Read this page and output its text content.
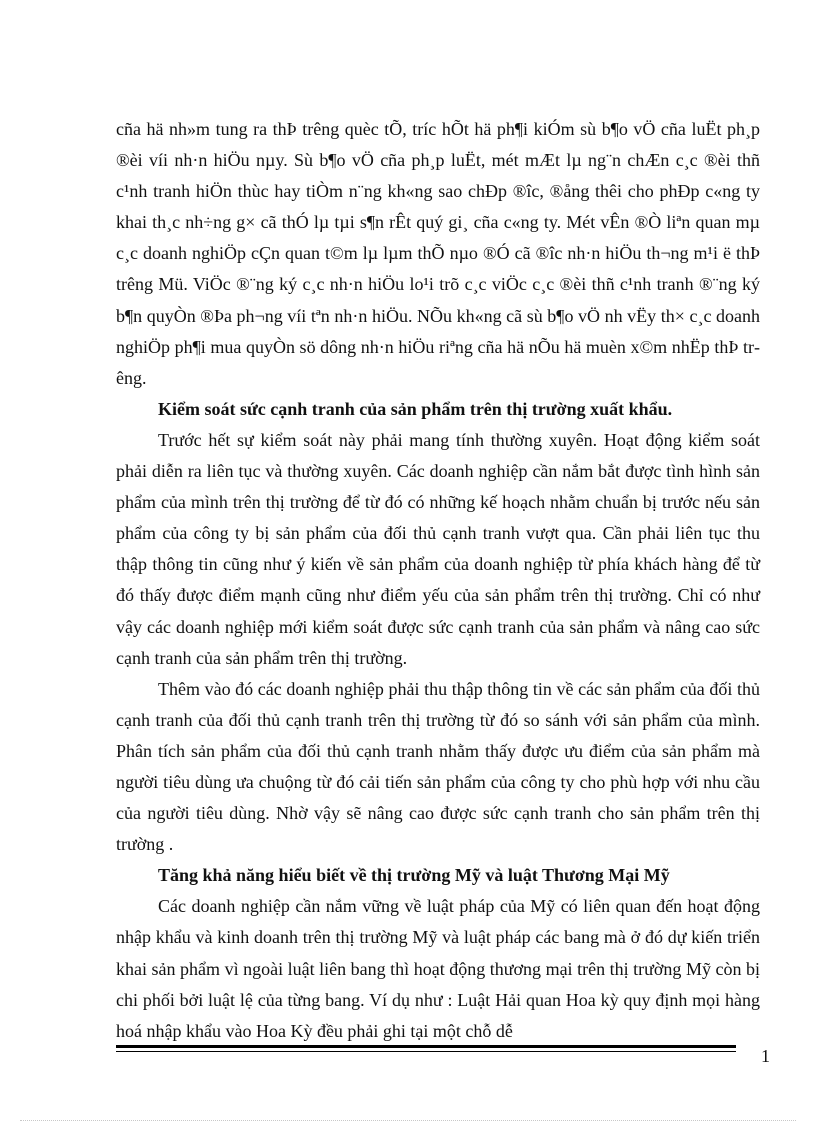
cña hä nh»m tung ra thÞ trêng quèc tÕ, tríc hÕt hä ph¶i kiÓm sù b¶o vÖ cña luËt ph¸p ®èi víi nh·n hiÖu nµy. Sù b¶o vÖ cña ph¸p luËt, mét mÆt lµ ng¨n chÆn c¸c ®èi thñ c¹nh tranh hiÖn thùc hay tiÒm n¨ng kh«ng sao chÐp ®îc, ®ång thêi cho phÐp c«ng ty khai th¸c nh÷ng g× cã thÓ lµ tµi s¶n rÊt quý gi¸ cña c«ng ty. Mét vÊn ®Ò liªn quan mµ c¸c doanh nghiÖp cÇn quan t©m lµ lµm thÕ nµo ®Ó cã ®îc nh·n hiÖu th¬ng m¹i ë thÞ trêng Mü. ViÖc ®¨ng ký c¸c nh·n hiÖu lo¹i trõ c¸c viÖc c¸c ®èi thñ c¹nh tranh ®¨ng ký b¶n quyÒn ®Þa ph¬ng víi tªn nh·n hiÖu. NÕu kh«ng cã sù b¶o vÖ nh vËy th× c¸c doanh nghiÖp ph¶i mua quyÒn sö dông nh·n hiÖu riªng cña hä nÕu hä muèn x©m nhËp thÞ trêng.

Kiểm soát sức cạnh tranh của sản phẩm trên thị trường xuất khẩu.

Trước hết sự kiểm soát này phải mang tính thường xuyên. Hoạt động kiểm soát phải diễn ra liên tục và thường xuyên. Các doanh nghiệp cần nắm bắt được tình hình sản phẩm của mình trên thị trường để từ đó có những kế hoạch nhằm chuẩn bị trước nếu sản phẩm của công ty bị sản phẩm của đối thủ cạnh tranh vượt qua. Cần phải liên tục thu thập thông tin cũng như ý kiến về sản phẩm của doanh nghiệp từ phía khách hàng để từ đó thấy được điểm mạnh cũng như điểm yếu của sản phẩm trên thị trường. Chỉ có như vậy các doanh nghiệp mới kiểm soát được sức cạnh tranh của sản phẩm và nâng cao sức cạnh tranh của sản phẩm trên thị trường.

Thêm vào đó các doanh nghiệp phải thu thập thông tin về các sản phẩm của đối thủ cạnh tranh của đối thủ cạnh tranh trên thị trường từ đó so sánh với sản phẩm của mình. Phân tích sản phẩm của đối thủ cạnh tranh nhằm thấy được ưu điểm của sản phẩm mà người tiêu dùng ưa chuộng từ đó cải tiến sản phẩm của công ty cho phù hợp với nhu cầu của người tiêu dùng. Nhờ vậy sẽ nâng cao được sức cạnh tranh cho sản phẩm trên thị trường .

Tăng khả năng hiểu biết về thị trường Mỹ và luật Thương Mại Mỹ

Các doanh nghiệp cần nắm vững về luật pháp của Mỹ có liên quan đến hoạt động nhập khẩu và kinh doanh trên thị trường Mỹ và luật pháp các bang mà ở đó dự kiến triển khai sản phẩm vì ngoài luật liên bang thì hoạt động thương mại trên thị trường Mỹ còn bị chi phối bởi luật lệ của từng bang. Ví dụ như : Luật Hải quan Hoa kỳ quy định mọi hàng hoá nhập khẩu vào Hoa Kỳ đều phải ghi tại một chỗ dễ

1
